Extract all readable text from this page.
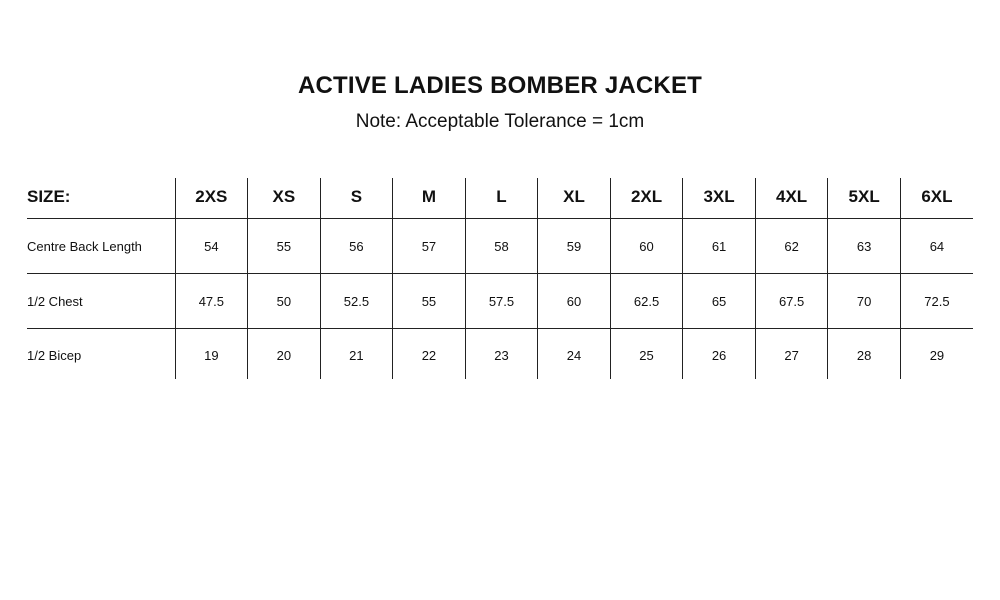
ACTIVE LADIES BOMBER JACKET

Note: Acceptable Tolerance = 1cm

SIZE:	2XS	XS	S	M	L	XL	2XL	3XL	4XL	5XL	6XL
Centre Back Length	54	55	56	57	58	59	60	61	62	63	64
1/2 Chest	47.5	50	52.5	55	57.5	60	62.5	65	67.5	70	72.5
1/2 Bicep	19	20	21	22	23	24	25	26	27	28	29
